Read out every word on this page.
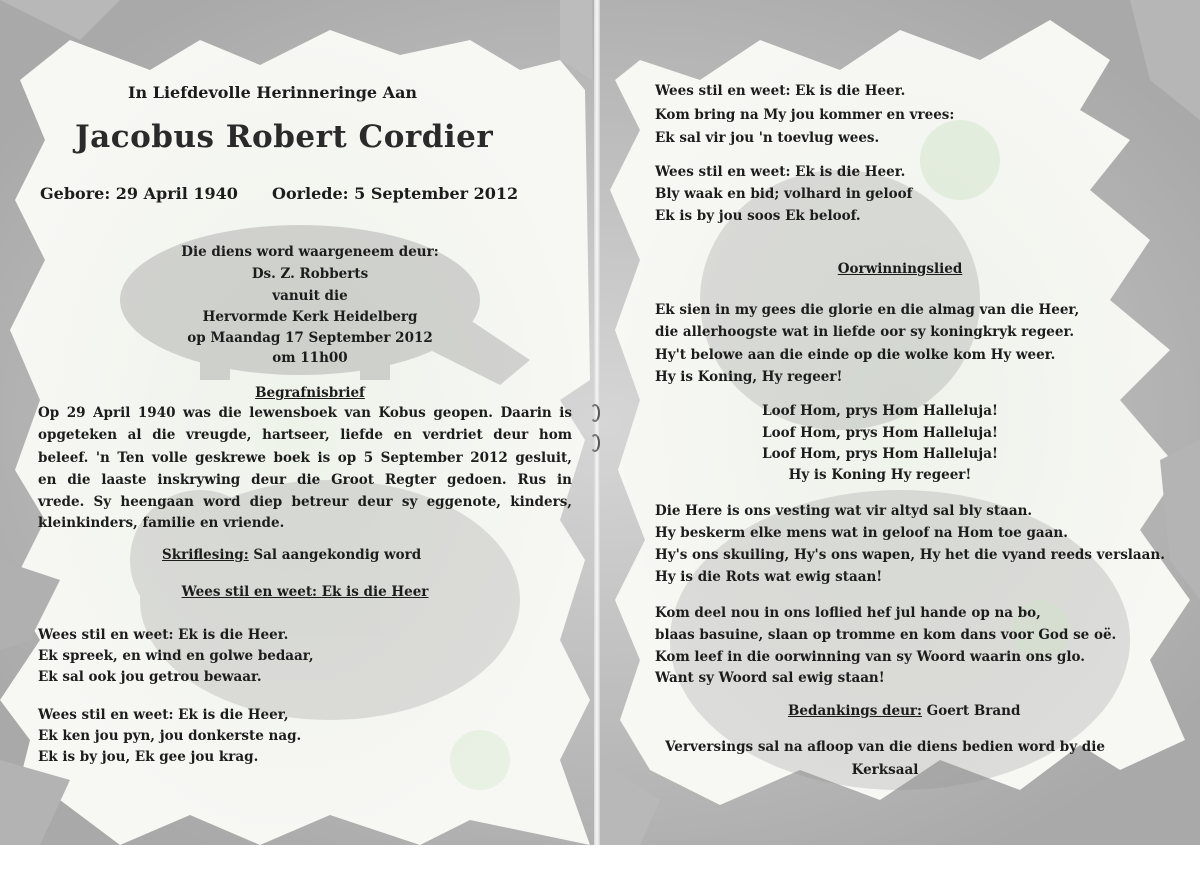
In Liefdevolle Herinneringe Aan
Jacobus Robert Cordier
Gebore: 29 April 1940 Oorlede: 5 September 2012
Die diens word waargeneem deur:
Ds. Z. Robberts
vanuit die
Hervormde Kerk Heidelberg
op Maandag 17 September 2012
om 11h00
Begrafnisbrief
Op 29 April 1940 was die lewensboek van Kobus geopen. Daarin is
opgeteken al die vreugde, hartseer, liefde en verdriet deur hom
beleef. 'n Ten volle geskrewe boek is op 5 September 2012 gesluit,
en die laaste inskrywing deur die Groot Regter gedoen. Rus in
vrede. Sy heengaan word diep betreur deur sy eggenote, kinders,
kleinkinders, familie en vriende.
Skriflesing: Sal aangekondig word
Wees stil en weet: Ek is die Heer
Wees stil en weet: Ek is die Heer.
Ek spreek, en wind en golwe bedaar,
Ek sal ook jou getrou bewaar.
Wees stil en weet: Ek is die Heer,
Ek ken jou pyn, jou donkerste nag.
Ek is by jou, Ek gee jou krag.
Wees stil en weet: Ek is die Heer.
Kom bring na My jou kommer en vrees:
Ek sal vir jou 'n toevlug wees.
Wees stil en weet: Ek is die Heer.
Bly waak en bid; volhard in geloof
Ek is by jou soos Ek beloof.
Oorwinningslied
Ek sien in my gees die glorie en die almag van die Heer,
die allerhoogste wat in liefde oor sy koningkryk regeer.
Hy't belowe aan die einde op die wolke kom Hy weer.
Hy is Koning, Hy regeer!
Loof Hom, prys Hom Halleluja!
Loof Hom, prys Hom Halleluja!
Loof Hom, prys Hom Halleluja!
Hy is Koning Hy regeer!
Die Here is ons vesting wat vir altyd sal bly staan.
Hy beskerm elke mens wat in geloof na Hom toe gaan.
Hy's ons skuiling, Hy's ons wapen, Hy het die vyand reeds verslaan.
Hy is die Rots wat ewig staan!
Kom deel nou in ons loflied hef jul hande op na bo,
blaas basuine, slaan op tromme en kom dans voor God se oë.
Kom leef in die oorwinning van sy Woord waarin ons glo.
Want sy Woord sal ewig staan!
Bedankings deur: Goert Brand
Verversings sal na afloop van die diens bedien word by die
Kerksaal
